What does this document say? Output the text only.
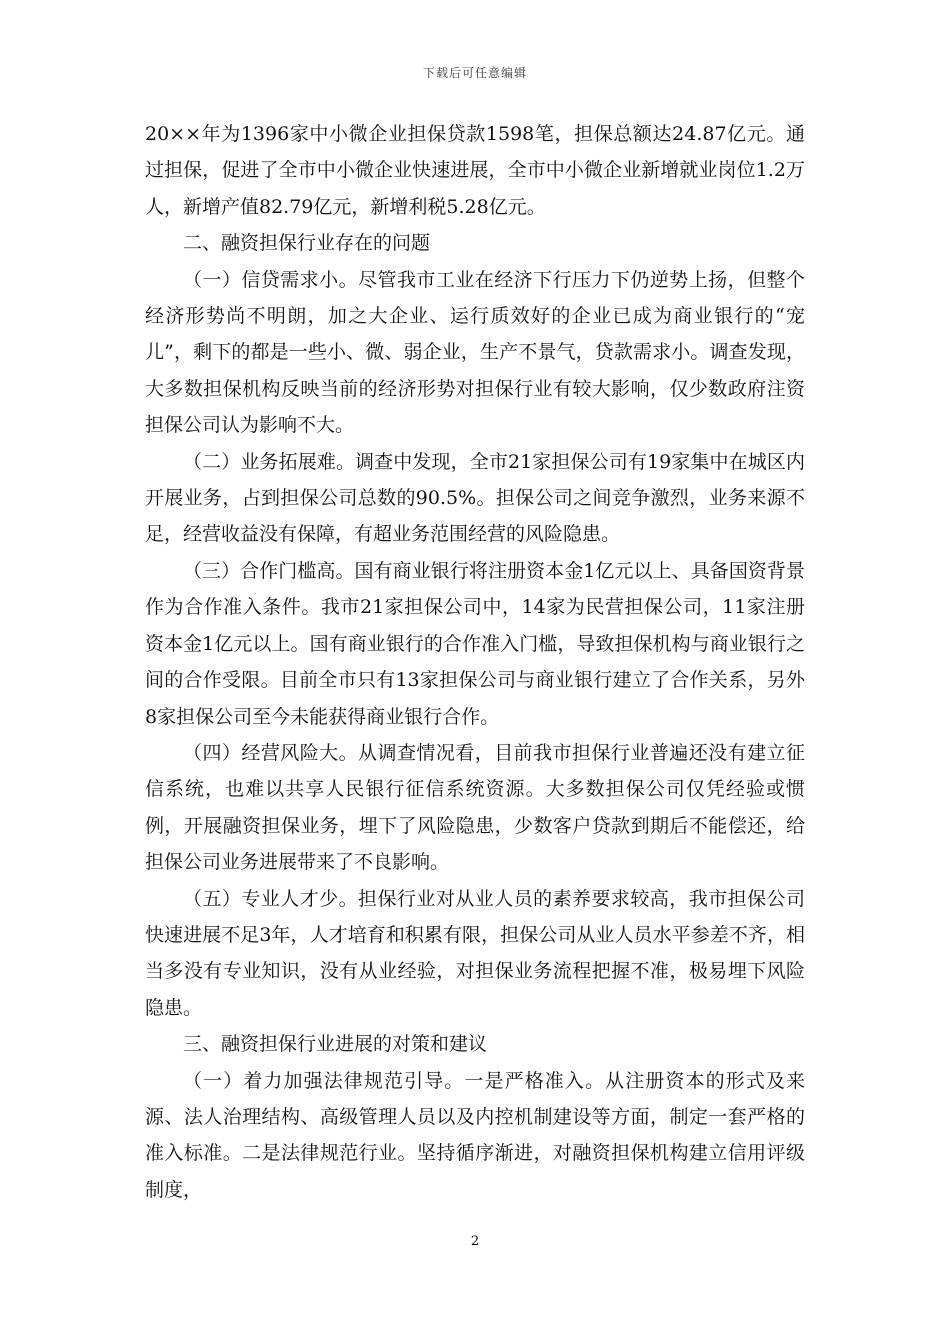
下载后可任意编辑

20××年为1396家中小微企业担保贷款1598笔，担保总额达24.87亿元。通过担保，促进了全市中小微企业快速进展，全市中小微企业新增就业岗位1.2万人，新增产值82.79亿元，新增利税5.28亿元。

二、融资担保行业存在的问题

（一）信贷需求小。尽管我市工业在经济下行压力下仍逆势上扬，但整个经济形势尚不明朗，加之大企业、运行质效好的企业已成为商业银行的“宠儿”，剩下的都是一些小、微、弱企业，生产不景气，贷款需求小。调查发现，大多数担保机构反映当前的经济形势对担保行业有较大影响，仅少数政府注资担保公司认为影响不大。

（二）业务拓展难。调查中发现，全市21家担保公司有19家集中在城区内开展业务，占到担保公司总数的90.5%。担保公司之间竞争激烈，业务来源不足，经营收益没有保障，有超业务范围经营的风险隐患。

（三）合作门槛高。国有商业银行将注册资本金1亿元以上、具备国资背景作为合作准入条件。我市21家担保公司中，14家为民营担保公司，11家注册资本金1亿元以上。国有商业银行的合作准入门槛，导致担保机构与商业银行之间的合作受限。目前全市只有13家担保公司与商业银行建立了合作关系，另外8家担保公司至今未能获得商业银行合作。

（四）经营风险大。从调查情况看，目前我市担保行业普遍还没有建立征信系统，也难以共享人民银行征信系统资源。大多数担保公司仅凭经验或惯例，开展融资担保业务，埋下了风险隐患，少数客户贷款到期后不能偿还，给担保公司业务进展带来了不良影响。

（五）专业人才少。担保行业对从业人员的素养要求较高，我市担保公司快速进展不足3年，人才培育和积累有限，担保公司从业人员水平参差不齐，相当多没有专业知识，没有从业经验，对担保业务流程把握不准，极易埋下风险隐患。

三、融资担保行业进展的对策和建议

（一）着力加强法律规范引导。一是严格准入。从注册资本的形式及来源、法人治理结构、高级管理人员以及内控机制建设等方面，制定一套严格的准入标准。二是法律规范行业。坚持循序渐进，对融资担保机构建立信用评级制度，

2
